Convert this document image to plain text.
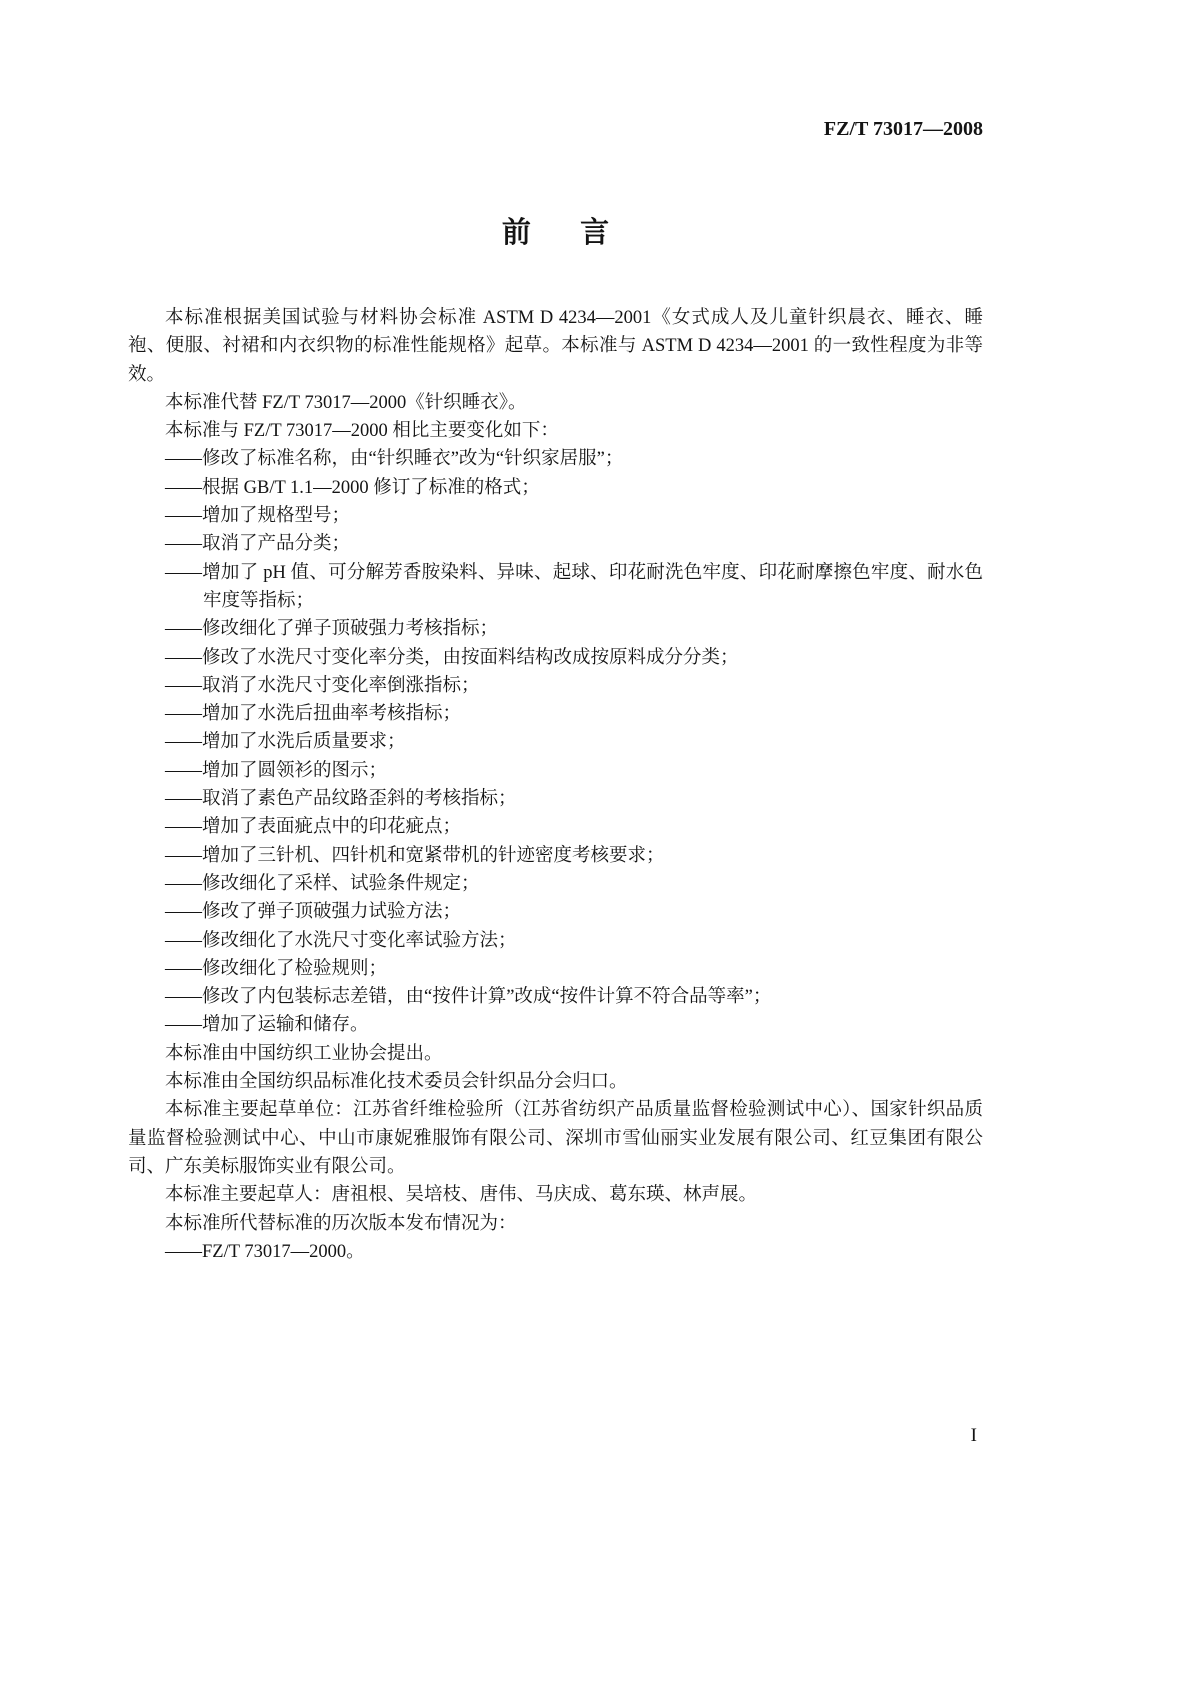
FZ/T 73017—2008
前　言

本标准根据美国试验与材料协会标准 ASTM D 4234—2001《女式成人及儿童针织晨衣、睡衣、睡袍、便服、衬裙和内衣织物的标准性能规格》起草。本标准与 ASTM D 4234—2001 的一致性程度为非等效。

本标准代替 FZ/T 73017—2000《针织睡衣》。

本标准与 FZ/T 73017—2000 相比主要变化如下：

——修改了标准名称，由“针织睡衣”改为“针织家居服”；
——根据 GB/T 1.1—2000 修订了标准的格式；
——增加了规格型号；
——取消了产品分类；
——增加了 pH 值、可分解芳香胺染料、异味、起球、印花耐洗色牢度、印花耐摩擦色牢度、耐水色牢度等指标；
——修改细化了弹子顶破强力考核指标；
——修改了水洗尺寸变化率分类，由按面料结构改成按原料成分分类；
——取消了水洗尺寸变化率倒涨指标；
——增加了水洗后扭曲率考核指标；
——增加了水洗后质量要求；
——增加了圆领衫的图示；
——取消了素色产品纹路歪斜的考核指标；
——增加了表面疵点中的印花疵点；
——增加了三针机、四针机和宽紧带机的针迹密度考核要求；
——修改细化了采样、试验条件规定；
——修改了弹子顶破强力试验方法；
——修改细化了水洗尺寸变化率试验方法；
——修改细化了检验规则；
——修改了内包装标志差错，由“按件计算”改成“按件计算不符合品等率”；
——增加了运输和储存。

本标准由中国纺织工业协会提出。

本标准由全国纺织品标准化技术委员会针织品分会归口。

本标准主要起草单位：江苏省纤维检验所（江苏省纺织产品质量监督检验测试中心）、国家针织品质量监督检验测试中心、中山市康妮雅服饰有限公司、深圳市雪仙丽实业发展有限公司、红豆集团有限公司、广东美标服饰实业有限公司。

本标准主要起草人：唐祖根、吴培枝、唐伟、马庆成、葛东瑛、林声展。

本标准所代替标准的历次版本发布情况为：

——FZ/T 73017—2000。
I
